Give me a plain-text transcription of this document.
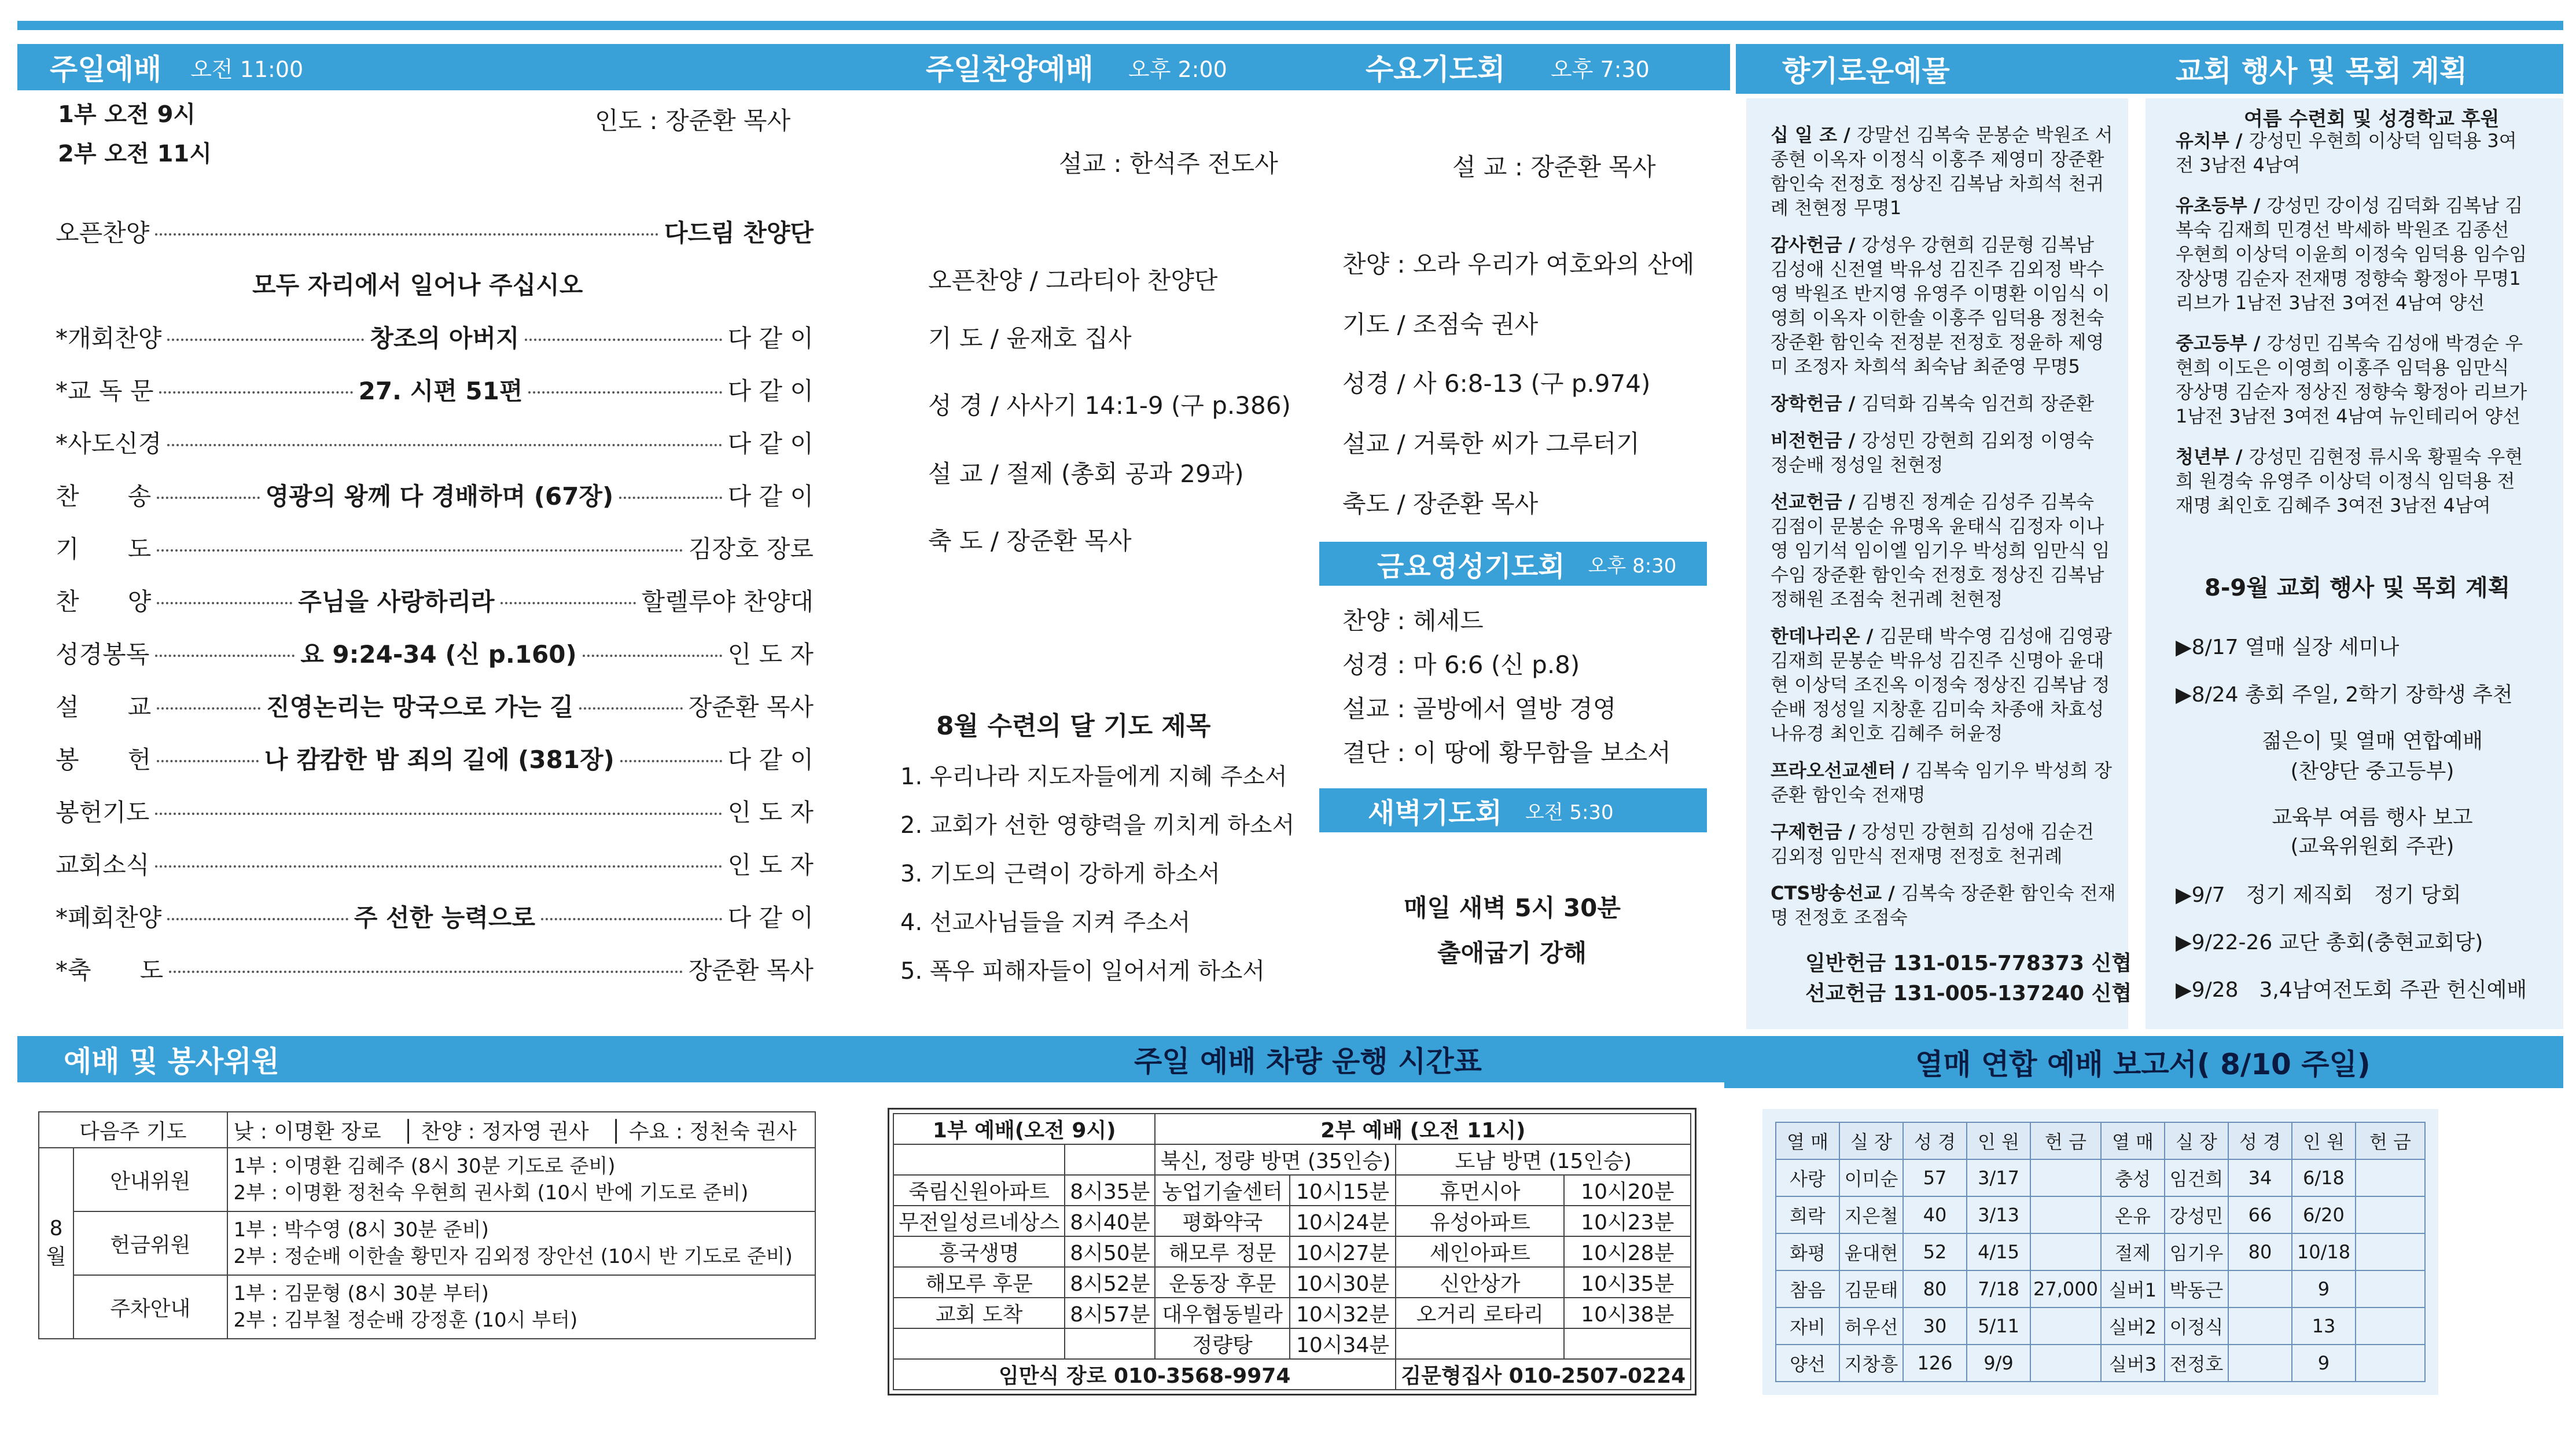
주일예배 오전 11:00	주일찬양예배 오후 2:00	수요기도회 오후 7:30
1부 오전 9시
2부 오전 11시
인도 : 장준환 목사
오픈찬양	다드림 찬양단
모두 자리에서 일어나 주십시오
*개회찬양	창조의 아버지	다 같 이
*교 독 문	27. 시편 51편	다 같 이
*사도신경	다 같 이
찬　　송	영광의 왕께 다 경배하며 (67장)	다 같 이
기　　도	김장호 장로
찬　　양	주님을 사랑하리라	할렐루야 찬양대
성경봉독	요 9:24-34 (신 p.160)	인 도 자
설　　교	진영논리는 망국으로 가는 길	장준환 목사
봉　　헌	나 캄캄한 밤 죄의 길에 (381장)	다 같 이
봉헌기도	인 도 자
교회소식	인 도 자
*폐회찬양	주 선한 능력으로	다 같 이
*축　　도	장준환 목사
설교 : 한석주 전도사
오픈찬양 / 그라티아 찬양단
기 도 / 윤재호 집사
성 경 / 사사기 14:1-9 (구 p.386)
설 교 / 절제 (총회 공과 29과)
축 도 / 장준환 목사
8월 수련의 달 기도 제목
1. 우리나라 지도자들에게 지혜 주소서
2. 교회가 선한 영향력을 끼치게 하소서
3. 기도의 근력이 강하게 하소서
4. 선교사님들을 지켜 주소서
5. 폭우 피해자들이 일어서게 하소서
설 교 : 장준환 목사
찬양 : 오라 우리가 여호와의 산에
기도 / 조점숙 권사
성경 / 사 6:8-13 (구 p.974)
설교 / 거룩한 씨가 그루터기
축도 / 장준환 목사
금요영성기도회 오후 8:30
찬양 : 헤세드
성경 : 마 6:6 (신 p.8)
설교 : 골방에서 열방 경영
결단 : 이 땅에 황무함을 보소서
새벽기도회 오전 5:30
매일 새벽 5시 30분
출애굽기 강해
향기로운예물	교회 행사 및 목회 계획
십 일 조 / 강말선 김복숙 문봉순 박원조 서종현 이옥자 이정식 이홍주 제영미 장준환 함인숙 전정호 정상진 김복남 차희석 천귀례 천현정 무명1
감사헌금 / 강성우 강현희 김문형 김복남 김성애 신전열 박유성 김진주 김외정 박수영 박원조 반지영 유영주 이명환 이임식 이영희 이옥자 이한솔 이홍주 임덕용 정천숙 장준환 함인숙 전정분 전정호 정윤하 제영미 조정자 차희석 최숙남 최준영 무명5
장학헌금 / 김덕화 김복숙 임건희 장준환
비전헌금 / 강성민 강현희 김외정 이영숙 정순배 정성일 천현정
선교헌금 / 김병진 정계순 김성주 김복숙 김점이 문봉순 유명옥 윤태식 김정자 이나영 임기석 임이엘 임기우 박성희 임만식 임수임 장준환 함인숙 전정호 정상진 김복남 정해원 조점숙 천귀례 천현정
한데나리온 / 김문태 박수영 김성애 김영광 김재희 문봉순 박유성 김진주 신명아 윤대현 이상덕 조진옥 이정숙 정상진 김복남 정순배 정성일 지창훈 김미숙 차종애 차효성 나유경 최인호 김혜주 허윤정
프라오선교센터 / 김복숙 임기우 박성희 장준환 함인숙 전재명
구제헌금 / 강성민 강현희 김성애 김순건 김외정 임만식 전재명 전정호 천귀례
CTS방송선교 / 김복숙 장준환 함인숙 전재명 전정호 조점숙
일반헌금 131-015-778373 신협
선교헌금 131-005-137240 신협
여름 수련회 및 성경학교 후원
유치부 / 강성민 우현희 이상덕 임덕용 3여전 3남전 4남여
유초등부 / 강성민 강이성 김덕화 김복남 김복숙 김재희 민경선 박세하 박원조 김종선 우현희 이상덕 이윤희 이정숙 임덕용 임수임 장상명 김순자 전재명 정향숙 황정아 무명1 리브가 1남전 3남전 3여전 4남여 양선
중고등부 / 강성민 김복숙 김성애 박경순 우현희 이도은 이영희 이홍주 임덕용 임만식 장상명 김순자 정상진 정향숙 황정아 리브가 1남전 3남전 3여전 4남여 뉴인테리어 양선
청년부 / 강성민 김현정 류시욱 황필숙 우현희 원경숙 유영주 이상덕 이정식 임덕용 전재명 최인호 김혜주 3여전 3남전 4남여
8-9월 교회 행사 및 목회 계획
▶8/17 열매 실장 세미나
▶8/24 총회 주일, 2학기 장학생 추천
젊은이 및 열매 연합예배
(찬양단 중고등부)
교육부 여름 행사 보고
(교육위원회 주관)
▶9/7　정기 제직회　정기 당회
▶9/22-26 교단 총회(충현교회당)
▶9/28　3,4남여전도회 주관 헌신예배
예배 및 봉사위원	주일 예배 차량 운행 시간표	열매 연합 예배 보고서( 8/10 주일)
다음주 기도		낮 : 이명환 장로　│ 찬양 : 정자영 권사　│ 수요 : 정천숙 권사
8 월	안내위원	1부 : 이명환 김혜주 (8시 30분 기도로 준비)
2부 : 이명환 정천숙 우현희 권사회 (10시 반에 기도로 준비)

	헌금위원	1부 : 박수영 (8시 30분 준비)
2부 : 정순배 이한솔 황민자 김외정 장안선 (10시 반 기도로 준비)

	주차안내	1부 : 김문형 (8시 30분 부터)
2부 : 김부철 정순배 강정훈 (10시 부터)
1부 예배(오전 9시)		2부 예배 (오전 11시)			
		북신, 정량 방면 (35인승)		도남 방면 (15인승)	
죽림신원아파트	8시35분	농업기술센터	10시15분	휴먼시아	10시20분
무전일성르네상스	8시40분	평화약국	10시24분	유성아파트	10시23분
흥국생명	8시50분	해모루 정문	10시27분	세인아파트	10시28분
해모루 후문	8시52분	운동장 후문	10시30분	신안상가	10시35분
교회 도착	8시57분	대우협동빌라	10시32분	오거리 로타리	10시38분
		정량탕	10시34분		
임만식 장로 010-3568-9974				김문형집사 010-2507-0224	
열 매	실 장	성 경	인 원	헌 금	열 매	실 장	성 경	인 원	헌 금
사랑	이미순	57	3/17		충성	임건희	34	6/18	
희락	지은철	40	3/13		온유	강성민	66	6/20	
화평	윤대현	52	4/15		절제	임기우	80	10/18	
참음	김문태	80	7/18	27,000	실버1	박동근		9	
자비	허우선	30	5/11		실버2	이정식		13	
양선	지창흥	126	9/9		실버3	전정호		9	
